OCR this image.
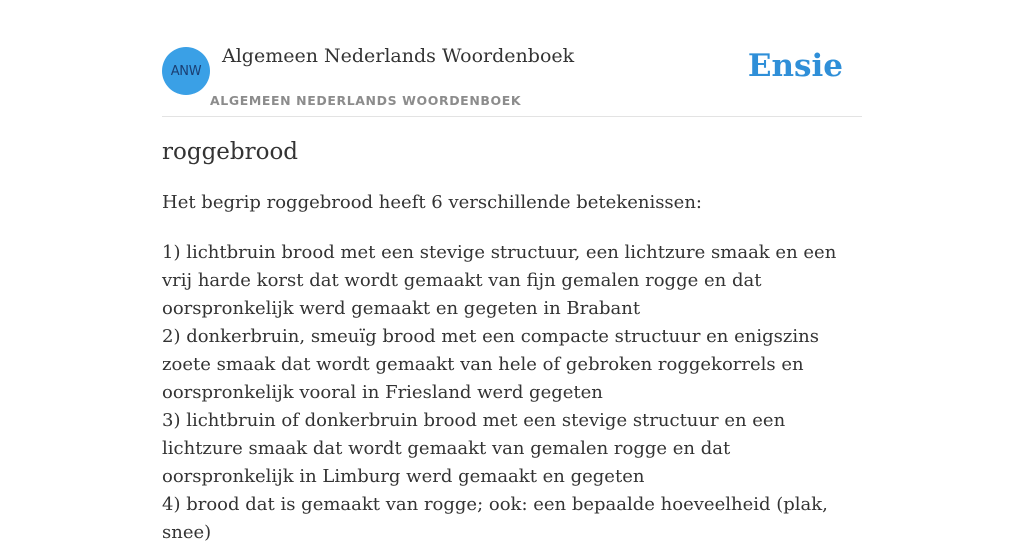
ANW
Algemeen Nederlands Woordenboek
ALGEMEEN NEDERLANDS WOORDENBOEK
Ensie
roggebrood
Het begrip roggebrood heeft 6 verschillende betekenissen:
1) lichtbruin brood met een stevige structuur, een lichtzure smaak en een vrij harde korst dat wordt gemaakt van fijn gemalen rogge en dat oorspronkelijk werd gemaakt en gegeten in Brabant
2) donkerbruin, smeuïg brood met een compacte structuur en enigszins zoete smaak dat wordt gemaakt van hele of gebroken roggekorrels en oorspronkelijk vooral in Friesland werd gegeten
3) lichtbruin of donkerbruin brood met een stevige structuur en een lichtzure smaak dat wordt gemaakt van gemalen rogge en dat oorspronkelijk in Limburg werd gemaakt en gegeten
4) brood dat is gemaakt van rogge; ook: een bepaalde hoeveelheid (plak, snee)
